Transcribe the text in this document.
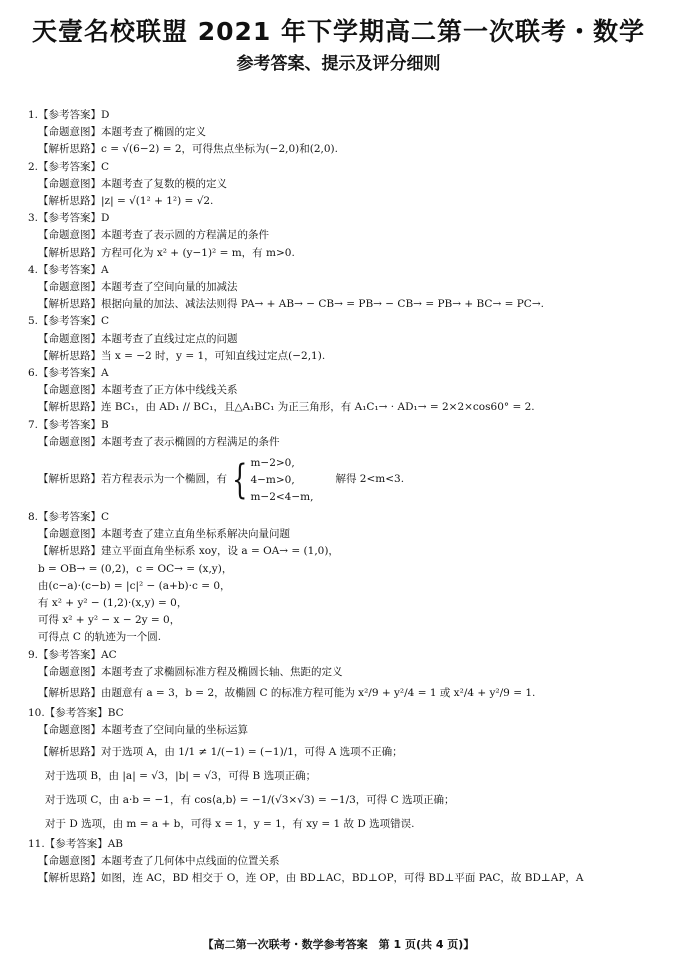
天壹名校联盟 2021 年下学期高二第一次联考・数学
参考答案、提示及评分细则
1.【参考答案】D
【命题意图】本题考查了椭圆的定义
【解析思路】c = √(6−2) = 2，可得焦点坐标为(−2,0)和(2,0).
2.【参考答案】C
【命题意图】本题考查了复数的模的定义
【解析思路】|z| = √(1² + 1²) = √2.
3.【参考答案】D
【命题意图】本题考查了表示圆的方程满足的条件
【解析思路】方程可化为 x² + (y−1)² = m，有 m>0.
4.【参考答案】A
【命题意图】本题考查了空间向量的加减法
【解析思路】根据向量的加法、减法法则得 PA→ + AB→ − CB→ = PB→ − CB→ = PB→ + BC→ = PC→.
5.【参考答案】C
【命题意图】本题考查了直线过定点的问题
【解析思路】当 x = −2 时，y = 1，可知直线过定点(−2,1).
6.【参考答案】A
【命题意图】本题考查了正方体中线线关系
【解析思路】连 BC₁，由 AD₁ // BC₁，且△A₁BC₁ 为正三角形，有 A₁C₁→ · AD₁→ = 2×2×cos60° = 2.
7.【参考答案】B
【命题意图】本题考查了表示椭圆的方程满足的条件
【解析思路】若方程表示为一个椭圆，有 { m−2>0,
4−m>0,
m−2<4−m,
解得 2<m<3.
8.【参考答案】C
【命题意图】本题考查了建立直角坐标系解决向量问题
【解析思路】建立平面直角坐标系 xoy，设 a = OA→ = (1,0)，
b = OB→ = (0,2)，c = OC→ = (x,y)，
由(c−a)·(c−b) = |c|² − (a+b)·c = 0，
有 x² + y² − (1,2)·(x,y) = 0，
可得 x² + y² − x − 2y = 0，
可得点 C 的轨迹为一个圆.
9.【参考答案】AC
【命题意图】本题考查了求椭圆标准方程及椭圆长轴、焦距的定义
【解析思路】由题意有 a = 3，b = 2，故椭圆 C 的标准方程可能为 x²/9 + y²/4 = 1 或 x²/4 + y²/9 = 1.
10.【参考答案】BC
【命题意图】本题考查了空间向量的坐标运算
【解析思路】对于选项 A，由 1/1 ≠ 1/(−1) = (−1)/1，可得 A 选项不正确；
对于选项 B，由 |a| = √3，|b| = √3，可得 B 选项正确；
对于选项 C，由 a·b = −1，有 cos⟨a,b⟩ = −1/(√3×√3) = −1/3，可得 C 选项正确；
对于 D 选项，由 m = a + b，可得 x = 1，y = 1，有 xy = 1 故 D 选项错误.
11.【参考答案】AB
【命题意图】本题考查了几何体中点线面的位置关系
【解析思路】如图，连 AC，BD 相交于 O，连 OP，由 BD⊥AC，BD⊥OP，可得 BD⊥平面 PAC，故 BD⊥AP，A
【高二第一次联考・数学参考答案　第 1 页(共 4 页)】
